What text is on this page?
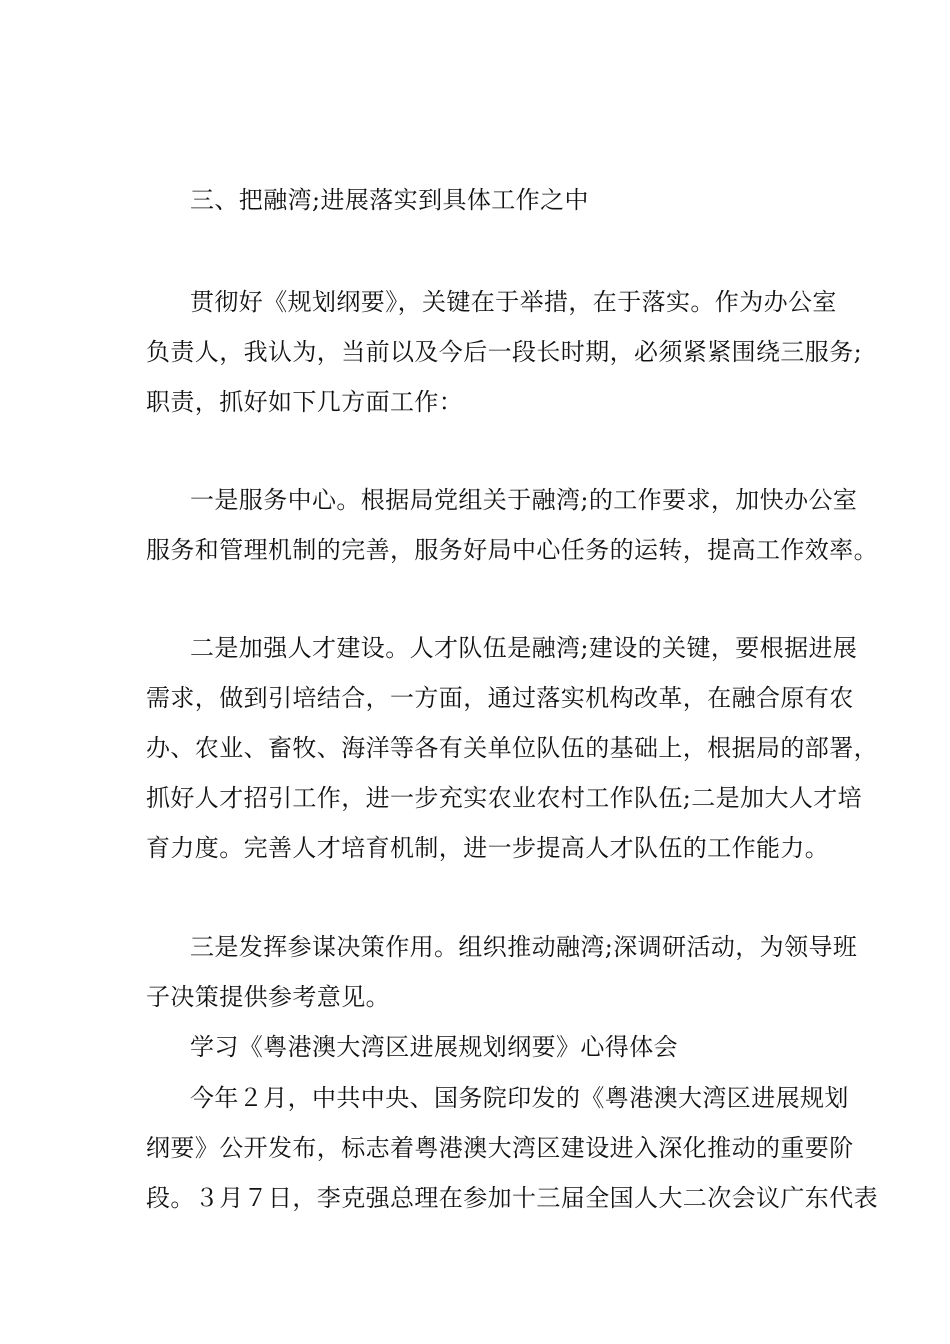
三、把融湾;进展落实到具体工作之中
贯彻好《规划纲要》，关键在于举措，在于落实。作为办公室
负责人，我认为，当前以及今后一段长时期，必须紧紧围绕三服务;
职责，抓好如下几方面工作：
一是服务中心。根据局党组关于融湾;的工作要求，加快办公室
服务和管理机制的完善，服务好局中心任务的运转，提高工作效率。
二是加强人才建设。人才队伍是融湾;建设的关键，要根据进展
需求，做到引培结合，一方面，通过落实机构改革，在融合原有农
办、农业、畜牧、海洋等各有关单位队伍的基础上，根据局的部署，
抓好人才招引工作，进一步充实农业农村工作队伍;二是加大人才培
育力度。完善人才培育机制，进一步提高人才队伍的工作能力。
三是发挥参谋决策作用。组织推动融湾;深调研活动，为领导班
子决策提供参考意见。
学习《粤港澳大湾区进展规划纲要》心得体会
今年２月，中共中央、国务院印发的《粤港澳大湾区进展规划
纲要》公开发布，标志着粤港澳大湾区建设进入深化推动的重要阶
段。３月７日，李克强总理在参加十三届全国人大二次会议广东代表
